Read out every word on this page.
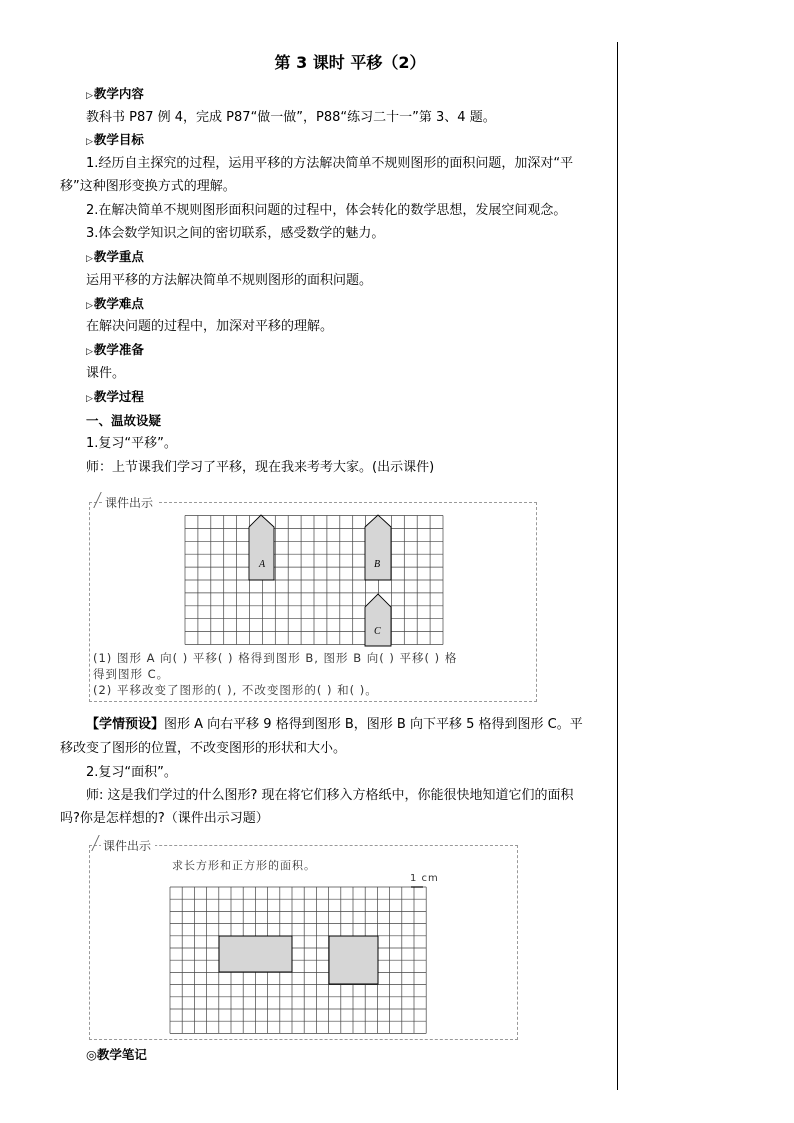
第 3 课时 平移（2）
▷教学内容
教科书 P87 例 4，完成 P87“做一做”，P88“练习二十一”第 3、4 题。
▷教学目标
1.经历自主探究的过程，运用平移的方法解决简单不规则图形的面积问题，加深对“平
移”这种图形变换方式的理解。
2.在解决简单不规则图形面积问题的过程中，体会转化的数学思想，发展空间观念。
3.体会数学知识之间的密切联系，感受数学的魅力。
▷教学重点
运用平移的方法解决简单不规则图形的面积问题。
▷教学难点
在解决问题的过程中，加深对平移的理解。
▷教学准备
课件。
▷教学过程
一、温故设疑
1.复习“平移”。
师：上节课我们学习了平移，现在我来考考大家。(出示课件)
课件出示
A	B
C
(1) 图形 A 向( ) 平移( ) 格得到图形 B, 图形 B 向( ) 平移( ) 格
得到图形 C。
(2) 平移改变了图形的( ), 不改变图形的( ) 和( )。
【学情预设】图形 A 向右平移 9 格得到图形 B，图形 B 向下平移 5 格得到图形 C。平
移改变了图形的位置，不改变图形的形状和大小。
2.复习“面积”。
师: 这是我们学过的什么图形? 现在将它们移入方格纸中，你能很快地知道它们的面积
吗?你是怎样想的?（课件出示习题）
课件出示
求长方形和正方形的面积。
1 cm
◎教学笔记
